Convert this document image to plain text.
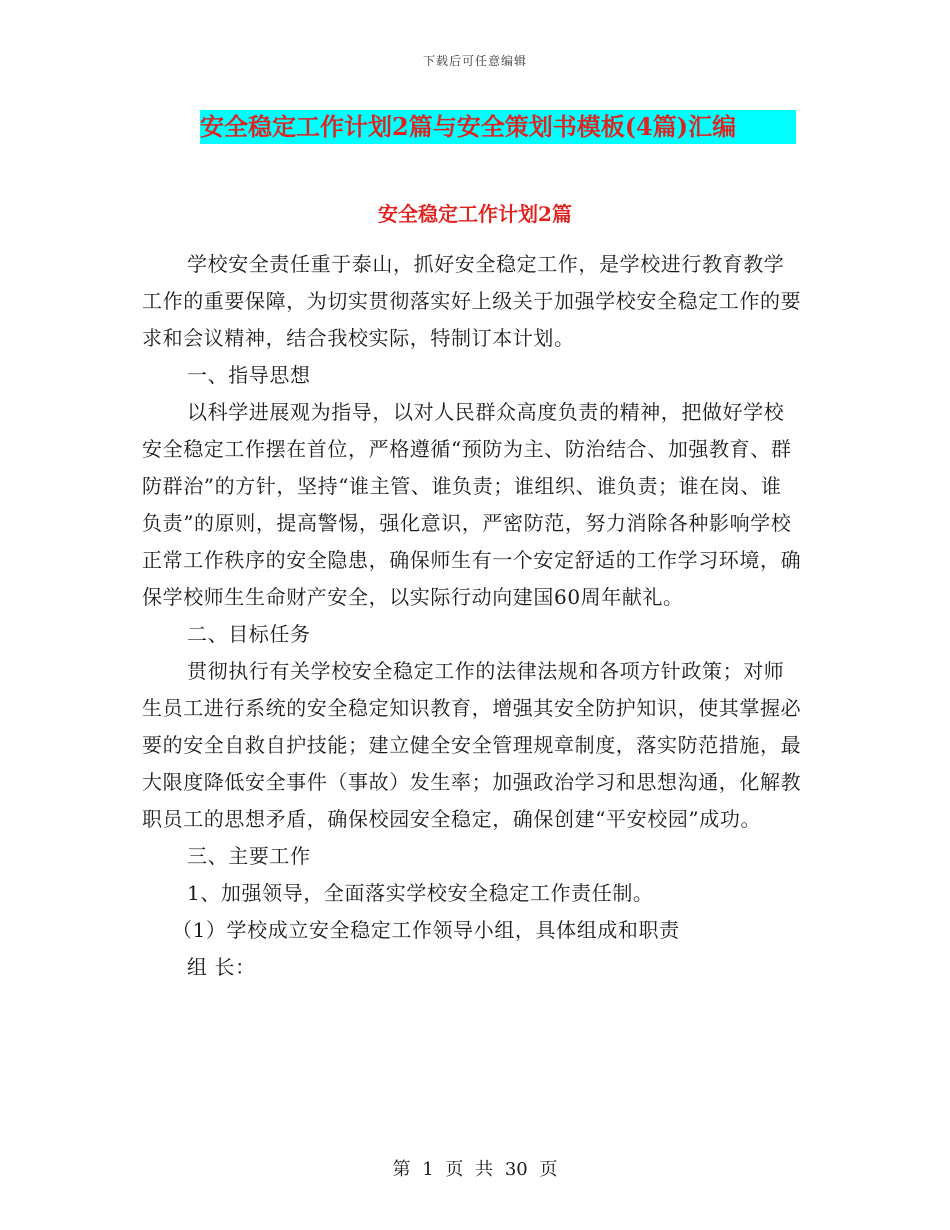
下载后可任意编辑
安全稳定工作计划2篇与安全策划书模板(4篇)汇编
安全稳定工作计划2篇

学校安全责任重于泰山，抓好安全稳定工作，是学校进行教育教学工作的重要保障，为切实贯彻落实好上级关于加强学校安全稳定工作的要求和会议精神，结合我校实际，特制订本计划。

一、指导思想

以科学进展观为指导，以对人民群众高度负责的精神，把做好学校安全稳定工作摆在首位，严格遵循“预防为主、防治结合、加强教育、群防群治”的方针，坚持“谁主管、谁负责；谁组织、谁负责；谁在岗、谁负责”的原则，提高警惕，强化意识，严密防范，努力消除各种影响学校正常工作秩序的安全隐患，确保师生有一个安定舒适的工作学习环境，确保学校师生生命财产安全，以实际行动向建国60周年献礼。

二、目标任务

贯彻执行有关学校安全稳定工作的法律法规和各项方针政策；对师生员工进行系统的安全稳定知识教育，增强其安全防护知识，使其掌握必要的安全自救自护技能；建立健全安全管理规章制度，落实防范措施，最大限度降低安全事件（事故）发生率；加强政治学习和思想沟通，化解教职员工的思想矛盾，确保校园安全稳定，确保创建“平安校园”成功。

三、主要工作

1、加强领导，全面落实学校安全稳定工作责任制。

（1）学校成立安全稳定工作领导小组，具体组成和职责

组 长：

第 1 页 共 30 页
